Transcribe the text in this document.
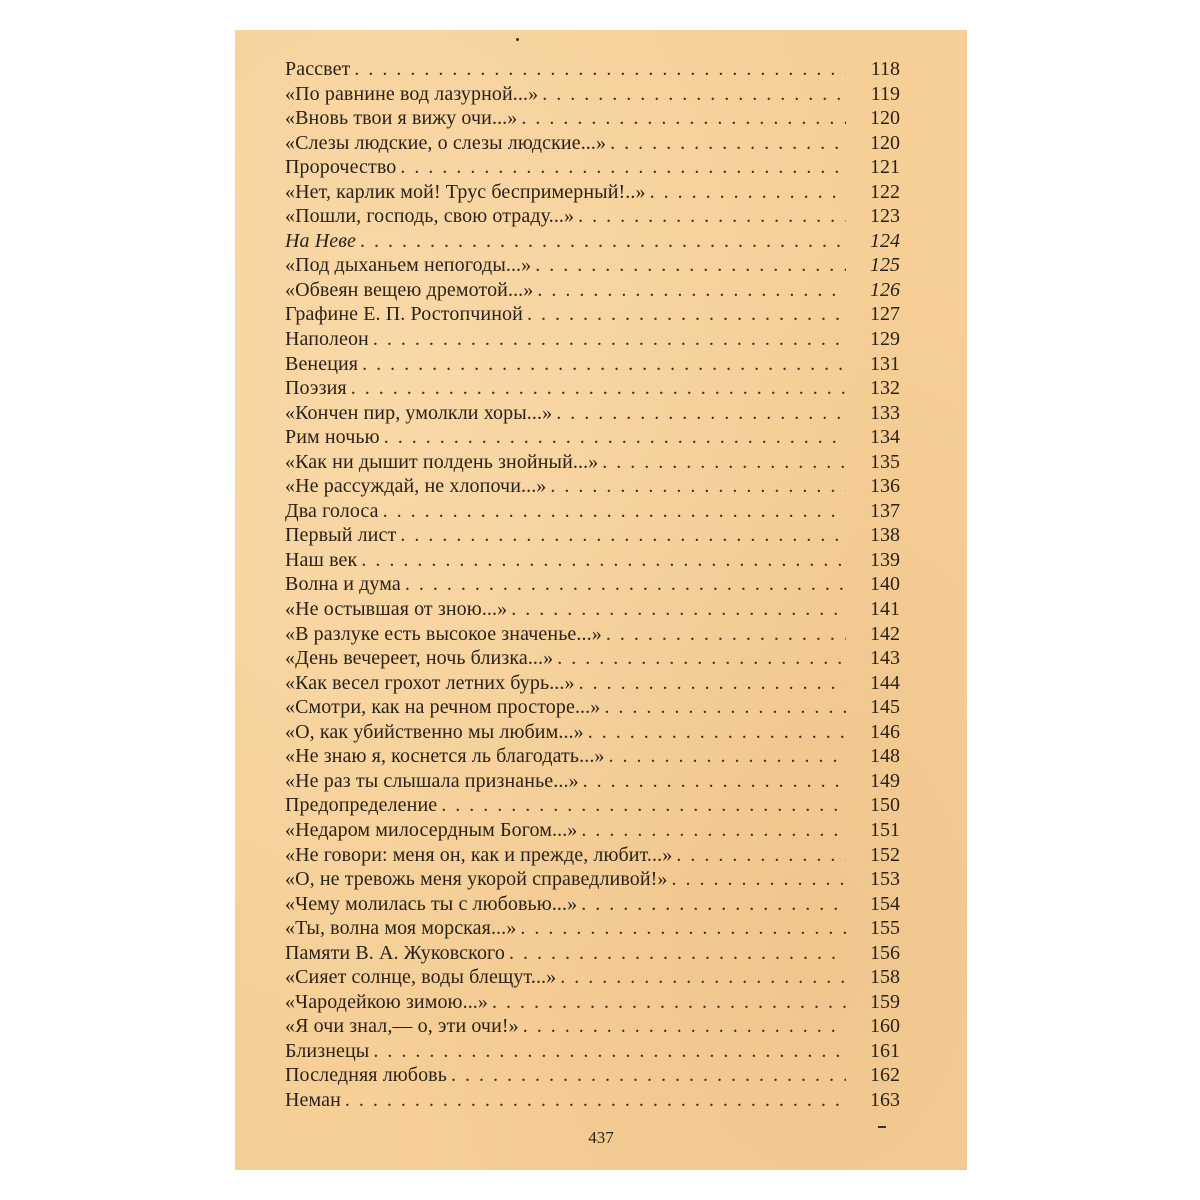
Рассвет . . .	118
«По равнине вод лазурной...» . . .	119
«Вновь твои я вижу очи...» . . .	120
«Слезы людские, о слезы людские...» . . .	120
Пророчество . . .	121
«Нет, карлик мой! Трус беспримерный!..» . . .	122
«Пошли, господь, свою отраду...» . . .	123
На Неве . . .	124
«Под дыханьем непогоды...» . . .	125
«Обвеян вещею дремотой...» . . .	126
Графине Е. П. Ростопчиной . . .	127
Наполеон . . .	129
Венеция . . .	131
Поэзия . . .	132
«Кончен пир, умолкли хоры...» . . .	133
Рим ночью . . .	134
«Как ни дышит полдень знойный...» . . .	135
«Не рассуждай, не хлопочи...» . . .	136
Два голоса . . .	137
Первый лист . . .	138
Наш век . . .	139
Волна и дума . . .	140
«Не остывшая от зною...» . . .	141
«В разлуке есть высокое значенье...» . . .	142
«День вечереет, ночь близка...» . . .	143
«Как весел грохот летних бурь...» . . .	144
«Смотри, как на речном просторе...» . . .	145
«О, как убийственно мы любим...» . . .	146
«Не знаю я, коснется ль благодать...» . . .	148
«Не раз ты слышала признанье...» . . .	149
Предопределение . . .	150
«Недаром милосердным Богом...» . . .	151
«Не говори: меня он, как и прежде, любит...» . . .	152
«О, не тревожь меня укорой справедливой!» . . .	153
«Чему молилась ты с любовью...» . . .	154
«Ты, волна моя морская...» . . .	155
Памяти В. А. Жуковского . . .	156
«Сияет солнце, воды блещут...» . . .	158
«Чародейкою зимою...» . . .	159
«Я очи знал,— о, эти очи!» . . .	160
Близнецы . . .	161
Последняя любовь . . .	162
Неман . . .	163
437
